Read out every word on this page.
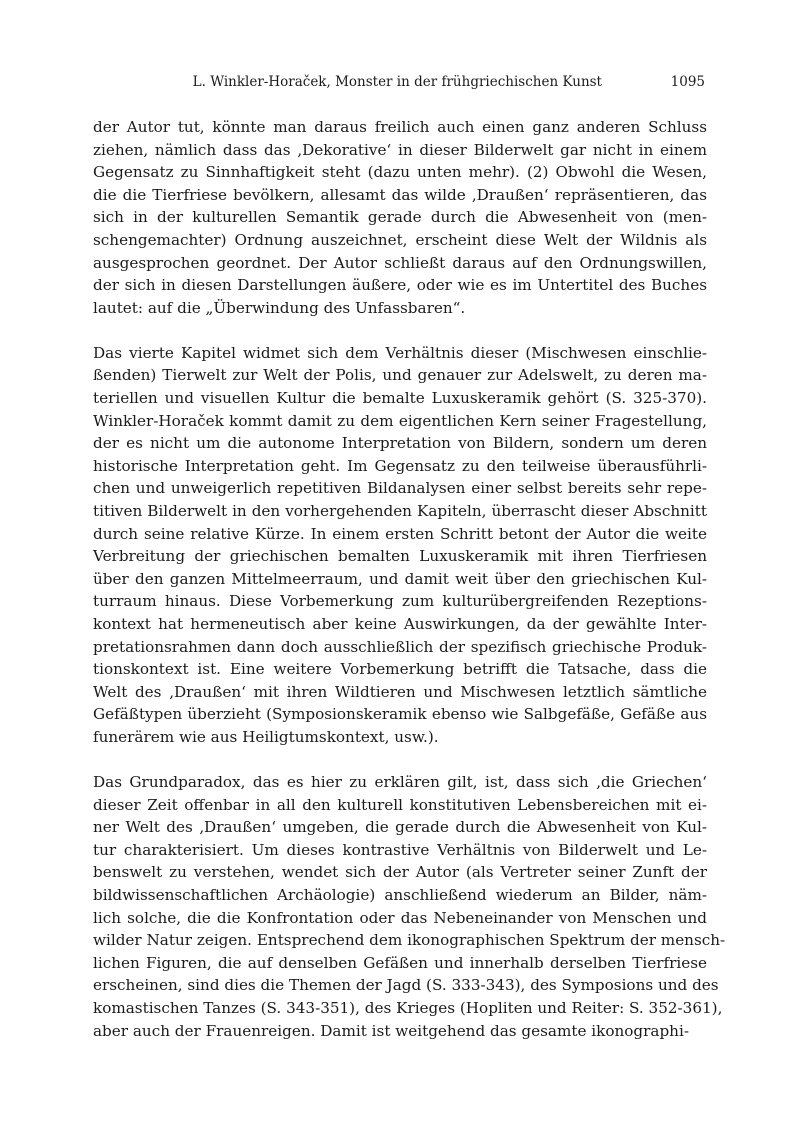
L. Winkler-Horaček, Monster in der frühgriechischen Kunst	1095

der Autor tut, könnte man daraus freilich auch einen ganz anderen Schluss
ziehen, nämlich dass das ‚Dekorative‘ in dieser Bilderwelt gar nicht in einem
Gegensatz zu Sinnhaftigkeit steht (dazu unten mehr). (2) Obwohl die Wesen,
die die Tierfriese bevölkern, allesamt das wilde ‚Draußen‘ repräsentieren, das
sich in der kulturellen Semantik gerade durch die Abwesenheit von (men-
schengemachter) Ordnung auszeichnet, erscheint diese Welt der Wildnis als
ausgesprochen geordnet. Der Autor schließt daraus auf den Ordnungswillen,
der sich in diesen Darstellungen äußere, oder wie es im Untertitel des Buches
lautet: auf die „Überwindung des Unfassbaren“.

Das vierte Kapitel widmet sich dem Verhältnis dieser (Mischwesen einschlie-
ßenden) Tierwelt zur Welt der Polis, und genauer zur Adelswelt, zu deren ma-
teriellen und visuellen Kultur die bemalte Luxuskeramik gehört (S. 325-370).
Winkler-Horaček kommt damit zu dem eigentlichen Kern seiner Fragestellung,
der es nicht um die autonome Interpretation von Bildern, sondern um deren
historische Interpretation geht. Im Gegensatz zu den teilweise überausführli-
chen und unweigerlich repetitiven Bildanalysen einer selbst bereits sehr repe-
titiven Bilderwelt in den vorhergehenden Kapiteln, überrascht dieser Abschnitt
durch seine relative Kürze. In einem ersten Schritt betont der Autor die weite
Verbreitung der griechischen bemalten Luxuskeramik mit ihren Tierfriesen
über den ganzen Mittelmeerraum, und damit weit über den griechischen Kul-
turraum hinaus. Diese Vorbemerkung zum kulturübergreifenden Rezeptions-
kontext hat hermeneutisch aber keine Auswirkungen, da der gewählte Inter-
pretationsrahmen dann doch ausschließlich der spezifisch griechische Produk-
tionskontext ist. Eine weitere Vorbemerkung betrifft die Tatsache, dass die
Welt des ‚Draußen‘ mit ihren Wildtieren und Mischwesen letztlich sämtliche
Gefäßtypen überzieht (Symposionskeramik ebenso wie Salbgefäße, Gefäße aus
funerärem wie aus Heiligtumskontext, usw.).

Das Grundparadox, das es hier zu erklären gilt, ist, dass sich ‚die Griechen‘
dieser Zeit offenbar in all den kulturell konstitutiven Lebensbereichen mit ei-
ner Welt des ‚Draußen‘ umgeben, die gerade durch die Abwesenheit von Kul-
tur charakterisiert. Um dieses kontrastive Verhältnis von Bilderwelt und Le-
benswelt zu verstehen, wendet sich der Autor (als Vertreter seiner Zunft der
bildwissenschaftlichen Archäologie) anschließend wiederum an Bilder, näm-
lich solche, die die Konfrontation oder das Nebeneinander von Menschen und
wilder Natur zeigen. Entsprechend dem ikonographischen Spektrum der mensch-
lichen Figuren, die auf denselben Gefäßen und innerhalb derselben Tierfriese
erscheinen, sind dies die Themen der Jagd (S. 333-343), des Symposions und des
komastischen Tanzes (S. 343-351), des Krieges (Hopliten und Reiter: S. 352-361),
aber auch der Frauenreigen. Damit ist weitgehend das gesamte ikonographi-
